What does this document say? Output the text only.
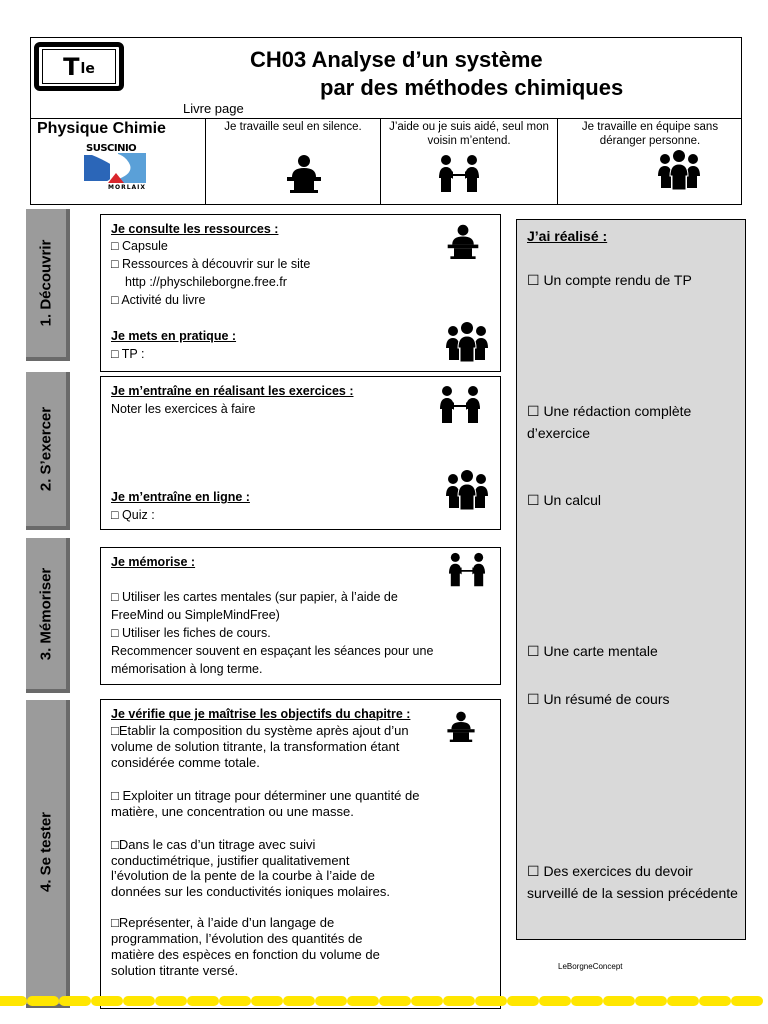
$T^{le}$	CH03 Analyse d’un système
par des méthodes chimiques
Livre page
Physique Chimie
SUSCINIO
MORLAIX
Je travaille seul en silence.	J’aide ou je suis aidé, seul mon voisin m’entend.
Je travaille en équipe sans déranger personne.
1. Découvrir
2. S’exercer
3. Mémoriser
4. Se tester
Je consulte les ressources :
□ Capsule
□ Ressources à découvrir sur le site
http ://physchileborgne.free.fr
□ Activité du livre
Je mets en pratique :
□ TP :
Je m’entraîne en réalisant les exercices :
Noter les exercices à faire
Je m’entraîne en ligne :
□ Quiz :
Je mémorise :
□ Utiliser les cartes mentales (sur papier, à l’aide de
FreeMind ou SimpleMindFree)
□ Utiliser les fiches de cours.
Recommencer souvent en espaçant les séances pour une
mémorisation à long terme.
Je vérifie que je maîtrise les objectifs du chapitre :
□Etablir la composition du système après ajout d’un
volume de solution titrante, la transformation étant
considérée comme totale.
□ Exploiter un titrage pour déterminer une quantité de
matière, une concentration ou une masse.
□Dans le cas d’un titrage avec suivi
conductimétrique, justifier qualitativement
l’évolution de la pente de la courbe à l’aide de
données sur les conductivités ioniques molaires.
□Représenter, à l’aide d’un langage de
programmation, l’évolution des quantités de
matière des espèces en fonction du volume de
solution titrante versé.
J’ai réalisé :
☐ Un compte rendu de TP
☐ Une rédaction complète d’exercice
☐ Un calcul
☐ Une carte mentale
☐ Un résumé de cours
☐ Des exercices du devoir surveillé de la session précédente
LeBorgneConcept
